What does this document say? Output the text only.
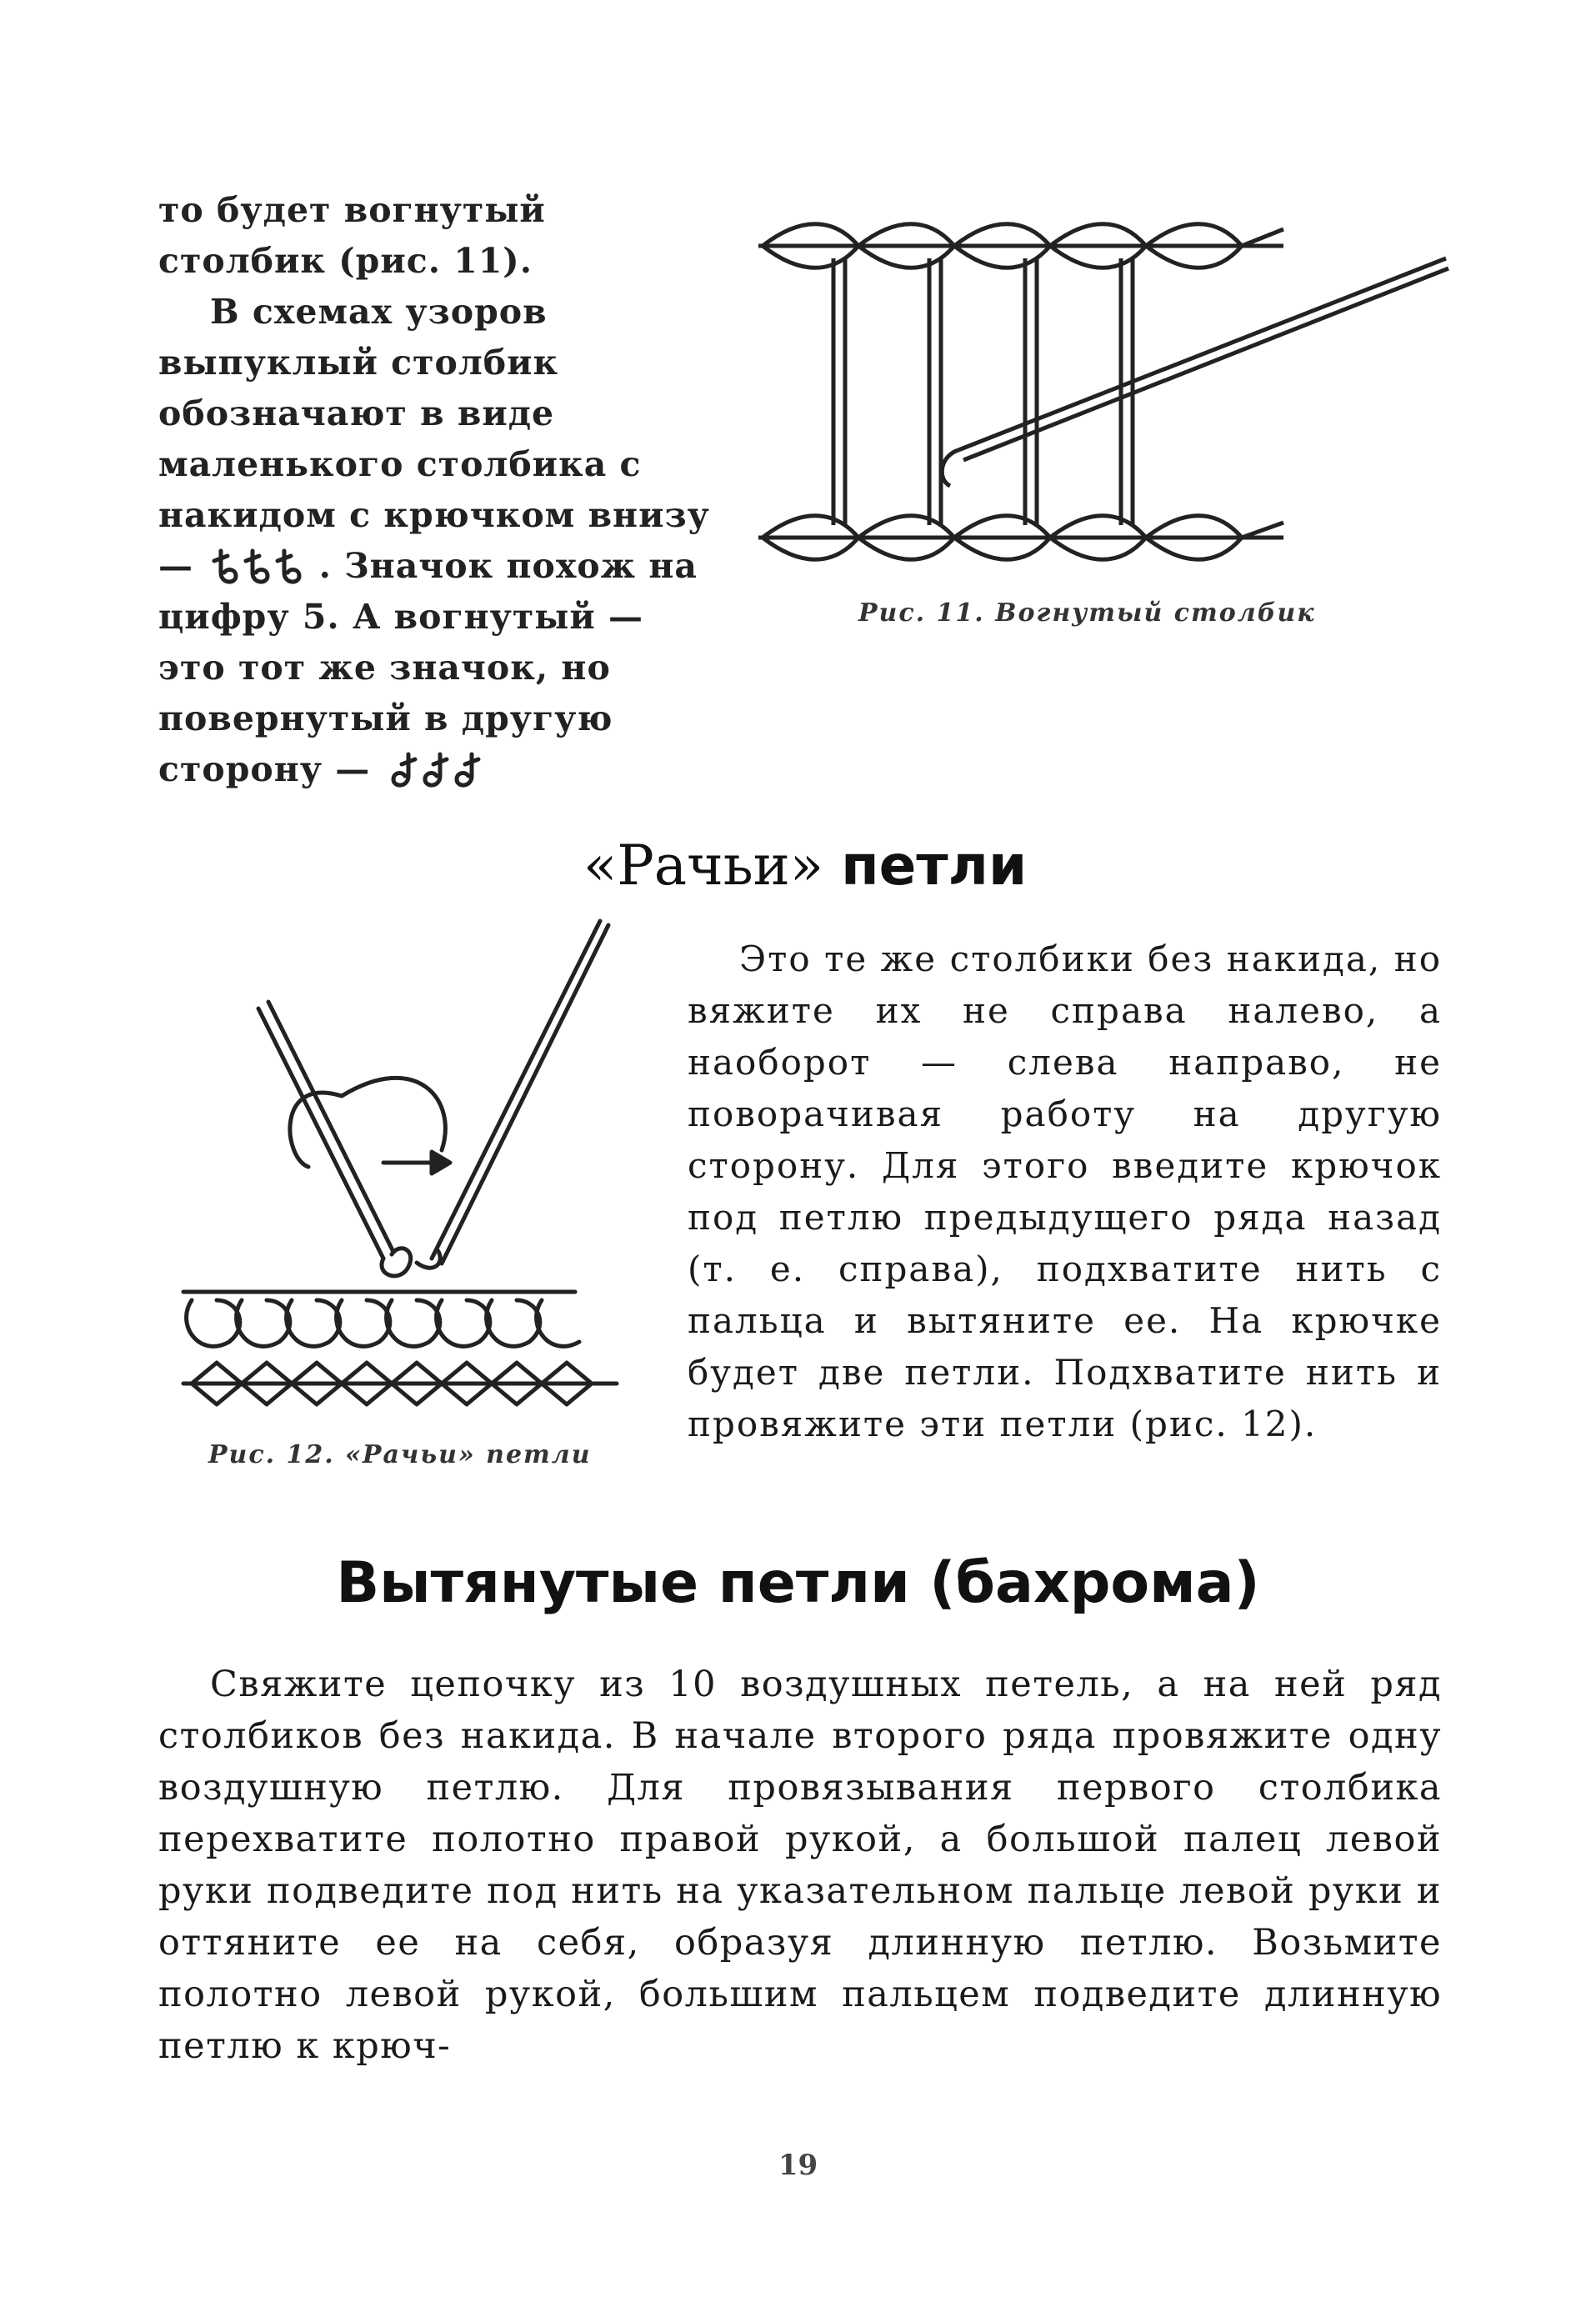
то будет вогнутый столбик (рис. 11).

В схемах узоров выпуклый столбик обозначают в виде маленького столбика с накидом с крючком внизу —	. Значок похож на цифру 5. А вогнутый — это тот же значок, но повернутый в другую сторону —

Рис. 11. Вогнутый столбик
«Рачьи» петли
Рис. 12. «Рачьи» петли

Это те же столбики без накида, но вяжите их не справа налево, а наоборот — слева направо, не поворачивая работу на другую сторону. Для этого введите крючок под петлю предыдущего ряда назад (т. е. справа), подхватите нить с пальца и вытяните ее. На крючке будет две петли. Подхватите нить и провяжите эти петли (рис. 12).

Вытянутые петли (бахрома)

Свяжите цепочку из 10 воздушных петель, а на ней ряд столбиков без накида. В начале второго ряда провяжите одну воздушную петлю. Для провязывания первого столбика перехватите полотно правой рукой, а большой палец левой руки подведите под нить на указательном пальце левой руки и оттяните ее на себя, образуя длинную петлю. Возьмите полотно левой рукой, большим пальцем подведите длинную петлю к крюч-

19
